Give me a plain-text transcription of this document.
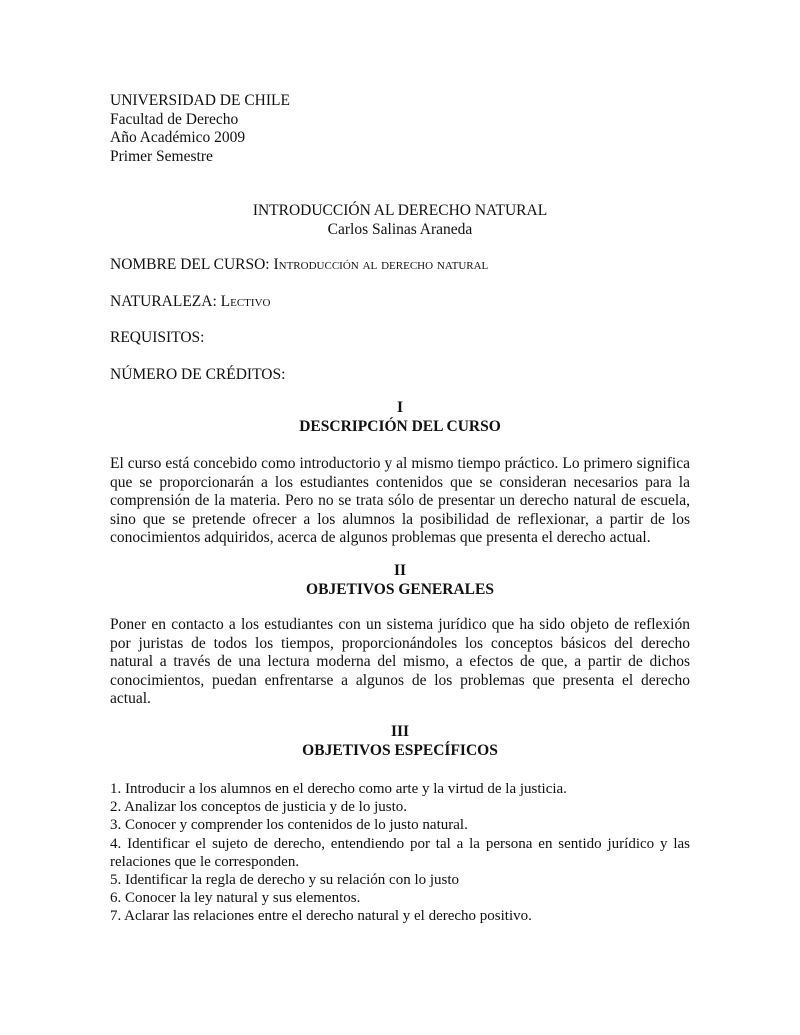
UNIVERSIDAD DE CHILE
Facultad de Derecho
Año Académico 2009
Primer Semestre
INTRODUCCIÓN AL DERECHO NATURAL
Carlos Salinas Araneda
NOMBRE DEL CURSO: Introducción al derecho natural
NATURALEZA: Lectivo
REQUISITOS:
NÚMERO DE CRÉDITOS:
I
DESCRIPCIÓN DEL CURSO

El curso está concebido como introductorio y al mismo tiempo práctico. Lo primero significa que se proporcionarán a los estudiantes contenidos que se consideran necesarios para la comprensión de la materia. Pero no se trata sólo de presentar un derecho natural de escuela, sino que se pretende ofrecer a los alumnos la posibilidad de reflexionar, a partir de los conocimientos adquiridos, acerca de algunos problemas que presenta el derecho actual.

II
OBJETIVOS GENERALES

Poner en contacto a los estudiantes con un sistema jurídico que ha sido objeto de reflexión por juristas de todos los tiempos, proporcionándoles los conceptos básicos del derecho natural a través de una lectura moderna del mismo, a efectos de que, a partir de dichos conocimientos, puedan enfrentarse a algunos de los problemas que presenta el derecho actual.

III
OBJETIVOS ESPECÍFICOS
1. Introducir a los alumnos en el derecho como arte y la virtud de la justicia.
2. Analizar los conceptos de justicia y de lo justo.
3. Conocer y comprender los contenidos de lo justo natural.
4. Identificar el sujeto de derecho, entendiendo por tal a la persona en sentido jurídico y las relaciones que le corresponden.
5. Identificar la regla de derecho y su relación con lo justo
6. Conocer la ley natural y sus elementos.
7. Aclarar las relaciones entre el derecho natural y el derecho positivo.
